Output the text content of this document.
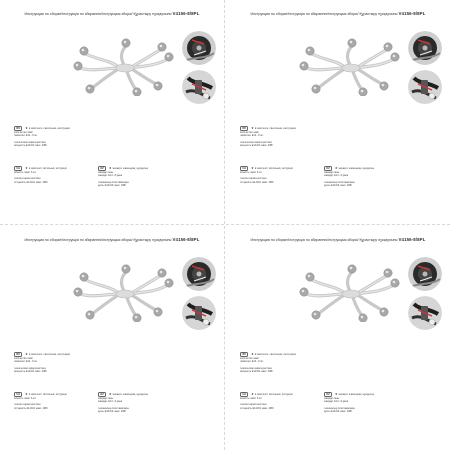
Инструкция по сборке/Інструкція по збиранню/Інструкцыя зборкі/ Құрастыру нұсқаулығы V4156-8/8PL
RU ★в комплекте: светильник, инструкция
количество ламп
лампочки: E14 - 8 шт.
техническая характеристика
мощность E14/G9: макс. 40Вт
UA ★в комплекті: світильник, інструкція
кількість ламп: 8 шт.
технічні характеристики
потужність E14/G9: макс. 40Вт
KZ ★жинақта: шамшырақ, нұсқаулық
шамдар саны
шамдар: E14 - 8 дана
техникалық сипаттамалары
қуаты E14/G9: макс. 40Вт
Инструкция по сборке/Інструкція по збиранню/Інструкцыя зборкі/ Құрастыру нұсқаулығы V4156-8/8PL
RU ★в комплекте: светильник, инструкция
количество ламп
лампочки: E14 - 8 шт.
техническая характеристика
мощность E14/G9: макс. 40Вт
UA ★в комплекті: світильник, інструкція
кількість ламп: 8 шт.
технічні характеристики
потужність E14/G9: макс. 40Вт
KZ ★жинақта: шамшырақ, нұсқаулық
шамдар саны
шамдар: E14 - 8 дана
техникалық сипаттамалары
қуаты E14/G9: макс. 40Вт
Инструкция по сборке/Інструкція по збиранню/Інструкцыя зборкі/ Құрастыру нұсқаулығы V4156-8/8PL
RU ★в комплекте: светильник, инструкция
количество ламп
лампочки: E14 - 8 шт.
техническая характеристика
мощность E14/G9: макс. 40Вт
UA ★в комплекті: світильник, інструкція
кількість ламп: 8 шт.
технічні характеристики
потужність E14/G9: макс. 40Вт
KZ ★жинақта: шамшырақ, нұсқаулық
шамдар саны
шамдар: E14 - 8 дана
техникалық сипаттамалары
қуаты E14/G9: макс. 40Вт
Инструкция по сборке/Інструкція по збиранню/Інструкцыя зборкі/ Құрастыру нұсқаулығы V4156-8/8PL
RU ★в комплекте: светильник, инструкция
количество ламп
лампочки: E14 - 8 шт.
техническая характеристика
мощность E14/G9: макс. 40Вт
UA ★в комплекті: світильник, інструкція
кількість ламп: 8 шт.
технічні характеристики
потужність E14/G9: макс. 40Вт
KZ ★жинақта: шамшырақ, нұсқаулық
шамдар саны
шамдар: E14 - 8 дана
техникалық сипаттамалары
қуаты E14/G9: макс. 40Вт
